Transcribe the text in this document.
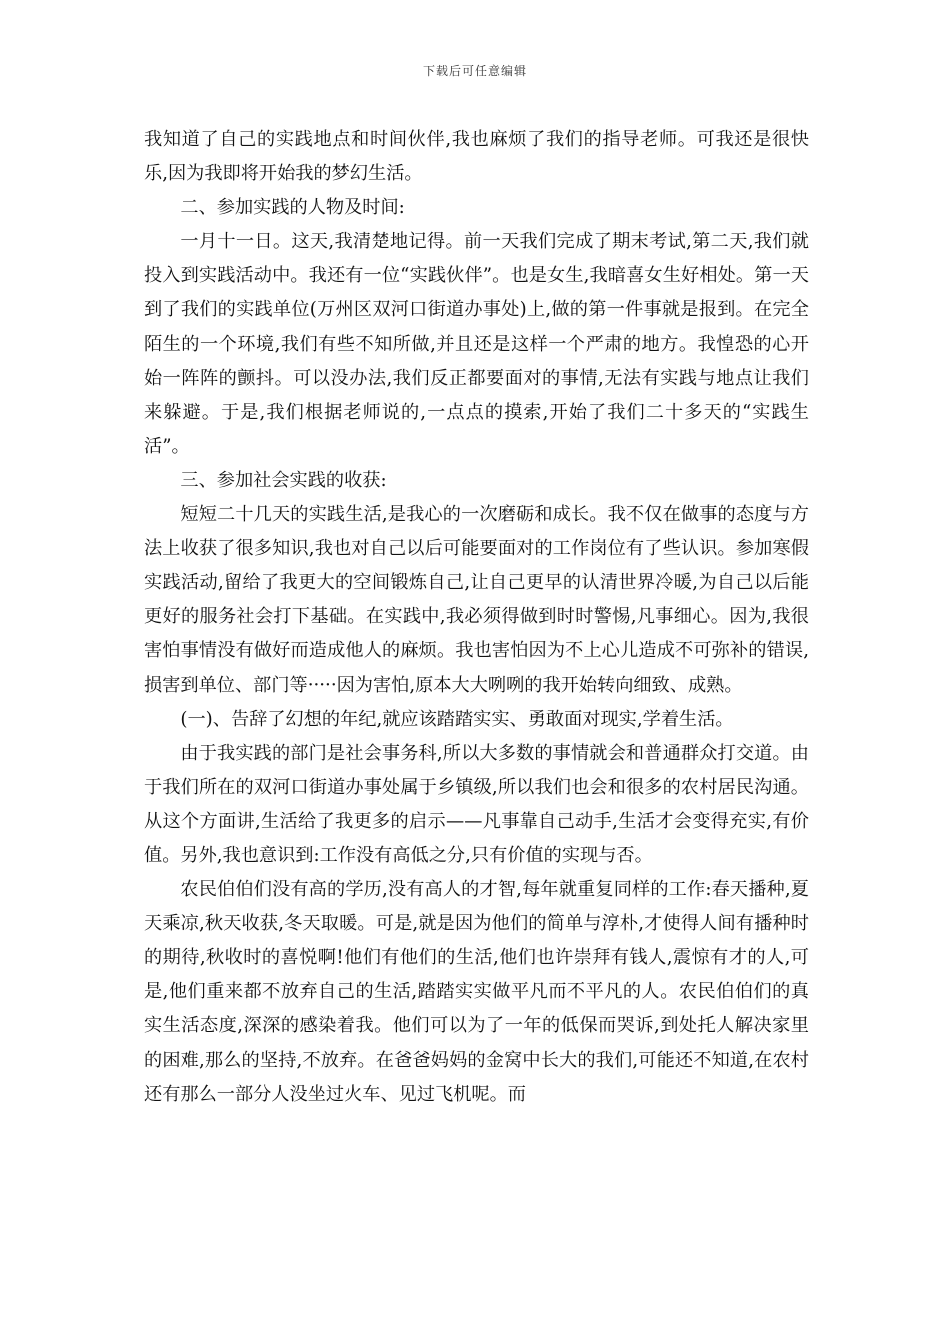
下载后可任意编辑

我知道了自己的实践地点和时间伙伴,我也麻烦了我们的指导老师。可我还是很快乐,因为我即将开始我的梦幻生活。

二、参加实践的人物及时间:

一月十一日。这天,我清楚地记得。前一天我们完成了期末考试,第二天,我们就投入到实践活动中。我还有一位“实践伙伴”。也是女生,我暗喜女生好相处。第一天到了我们的实践单位(万州区双河口街道办事处)上,做的第一件事就是报到。在完全陌生的一个环境,我们有些不知所做,并且还是这样一个严肃的地方。我惶恐的心开始一阵阵的颤抖。可以没办法,我们反正都要面对的事情,无法有实践与地点让我们来躲避。于是,我们根据老师说的,一点点的摸索,开始了我们二十多天的“实践生活”。

三、参加社会实践的收获:

短短二十几天的实践生活,是我心的一次磨砺和成长。我不仅在做事的态度与方法上收获了很多知识,我也对自己以后可能要面对的工作岗位有了些认识。参加寒假实践活动,留给了我更大的空间锻炼自己,让自己更早的认清世界冷暖,为自己以后能更好的服务社会打下基础。在实践中,我必须得做到时时警惕,凡事细心。因为,我很害怕事情没有做好而造成他人的麻烦。我也害怕因为不上心儿造成不可弥补的错误,损害到单位、部门等·····因为害怕,原本大大咧咧的我开始转向细致、成熟。

(一)、告辞了幻想的年纪,就应该踏踏实实、勇敢面对现实,学着生活。

由于我实践的部门是社会事务科,所以大多数的事情就会和普通群众打交道。由于我们所在的双河口街道办事处属于乡镇级,所以我们也会和很多的农村居民沟通。从这个方面讲,生活给了我更多的启示——凡事靠自己动手,生活才会变得充实,有价值。另外,我也意识到:工作没有高低之分,只有价值的实现与否。

农民伯伯们没有高的学历,没有高人的才智,每年就重复同样的工作:春天播种,夏天乘凉,秋天收获,冬天取暖。可是,就是因为他们的简单与淳朴,才使得人间有播种时的期待,秋收时的喜悦啊!他们有他们的生活,他们也许崇拜有钱人,震惊有才的人,可是,他们重来都不放弃自己的生活,踏踏实实做平凡而不平凡的人。农民伯伯们的真实生活态度,深深的感染着我。他们可以为了一年的低保而哭诉,到处托人解决家里的困难,那么的坚持,不放弃。在爸爸妈妈的金窝中长大的我们,可能还不知道,在农村还有那么一部分人没坐过火车、见过飞机呢。而
